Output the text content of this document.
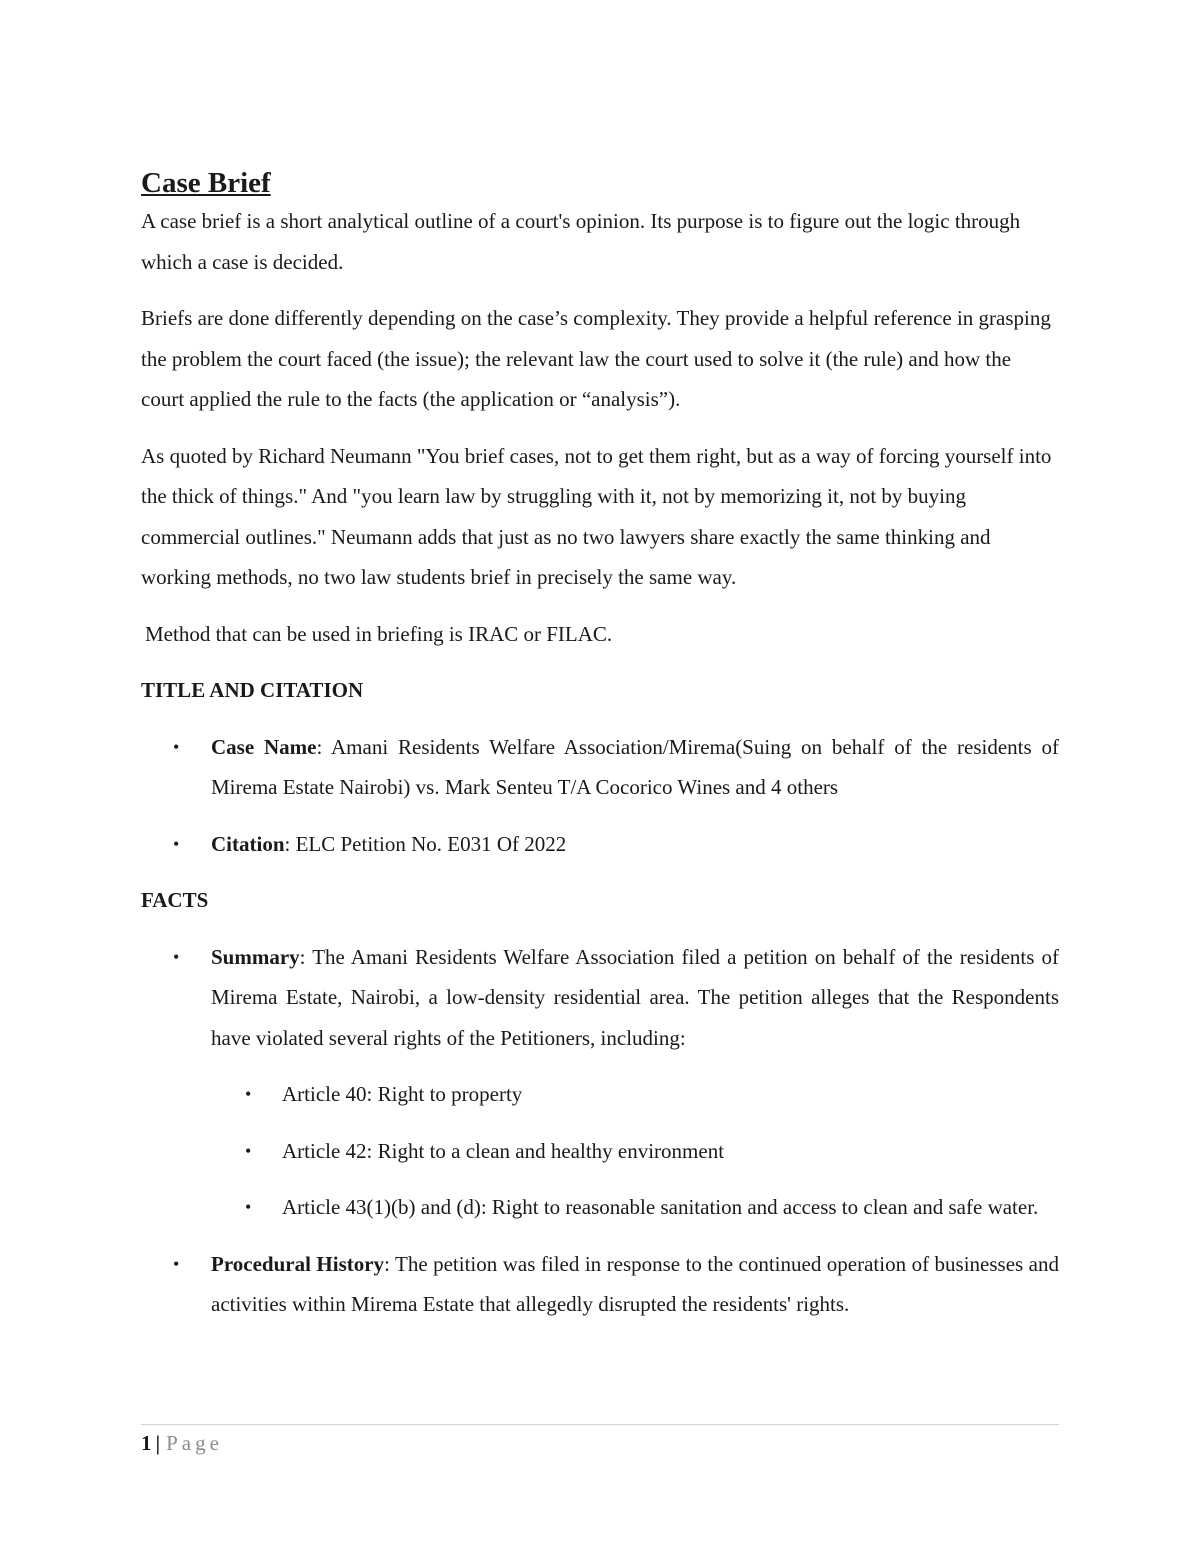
Case Brief

A case brief is a short analytical outline of a court's opinion. Its purpose is to figure out the logic through which a case is decided.

Briefs are done differently depending on the case’s complexity. They provide a helpful reference in grasping the problem the court faced (the issue); the relevant law the court used to solve it (the rule) and how the court applied the rule to the facts (the application or “analysis”).

As quoted by Richard Neumann "You brief cases, not to get them right, but as a way of forcing yourself into the thick of things." And "you learn law by struggling with it, not by memorizing it, not by buying commercial outlines." Neumann adds that just as no two lawyers share exactly the same thinking and working methods, no two law students brief in precisely the same way.

Method that can be used in briefing is IRAC or FILAC.

TITLE AND CITATION
• Case Name: Amani Residents Welfare Association/Mirema(Suing on behalf of the residents of Mirema Estate Nairobi) vs. Mark Senteu T/A Cocorico Wines and 4 others
• Citation: ELC Petition No. E031 Of 2022
FACTS
• Summary: The Amani Residents Welfare Association filed a petition on behalf of the residents of Mirema Estate, Nairobi, a low-density residential area. The petition alleges that the Respondents have violated several rights of the Petitioners, including:
• Article 40: Right to property
• Article 42: Right to a clean and healthy environment
• Article 43(1)(b) and (d): Right to reasonable sanitation and access to clean and safe water.
• Procedural History: The petition was filed in response to the continued operation of businesses and activities within Mirema Estate that allegedly disrupted the residents' rights.
1 | Page
